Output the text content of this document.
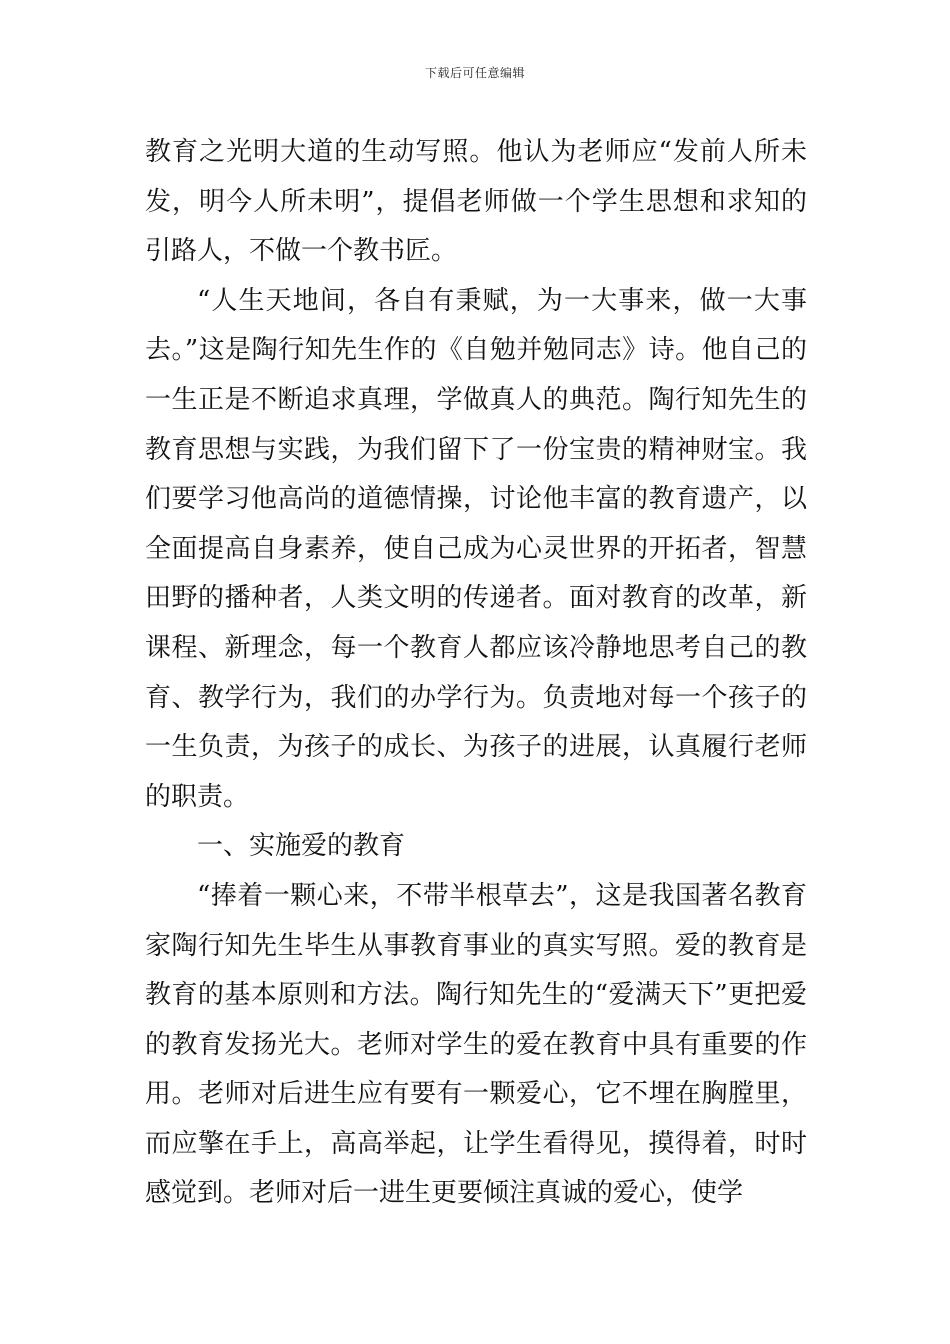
下载后可任意编辑

教育之光明大道的生动写照。他认为老师应“发前人所未发，明今人所未明”，提倡老师做一个学生思想和求知的引路人，不做一个教书匠。

“人生天地间，各自有秉赋，为一大事来，做一大事去。”这是陶行知先生作的《自勉并勉同志》诗。他自己的一生正是不断追求真理，学做真人的典范。陶行知先生的教育思想与实践，为我们留下了一份宝贵的精神财宝。我们要学习他高尚的道德情操，讨论他丰富的教育遗产，以全面提高自身素养，使自己成为心灵世界的开拓者，智慧田野的播种者，人类文明的传递者。面对教育的改革，新课程、新理念，每一个教育人都应该冷静地思考自己的教育、教学行为，我们的办学行为。负责地对每一个孩子的一生负责，为孩子的成长、为孩子的进展，认真履行老师的职责。

一、实施爱的教育

“捧着一颗心来，不带半根草去”，这是我国著名教育家陶行知先生毕生从事教育事业的真实写照。爱的教育是教育的基本原则和方法。陶行知先生的“爱满天下”更把爱的教育发扬光大。老师对学生的爱在教育中具有重要的作用。老师对后进生应有要有一颗爱心，它不埋在胸膛里，而应擎在手上，高高举起，让学生看得见，摸得着，时时感觉到。老师对后一进生更要倾注真诚的爱心，使学
